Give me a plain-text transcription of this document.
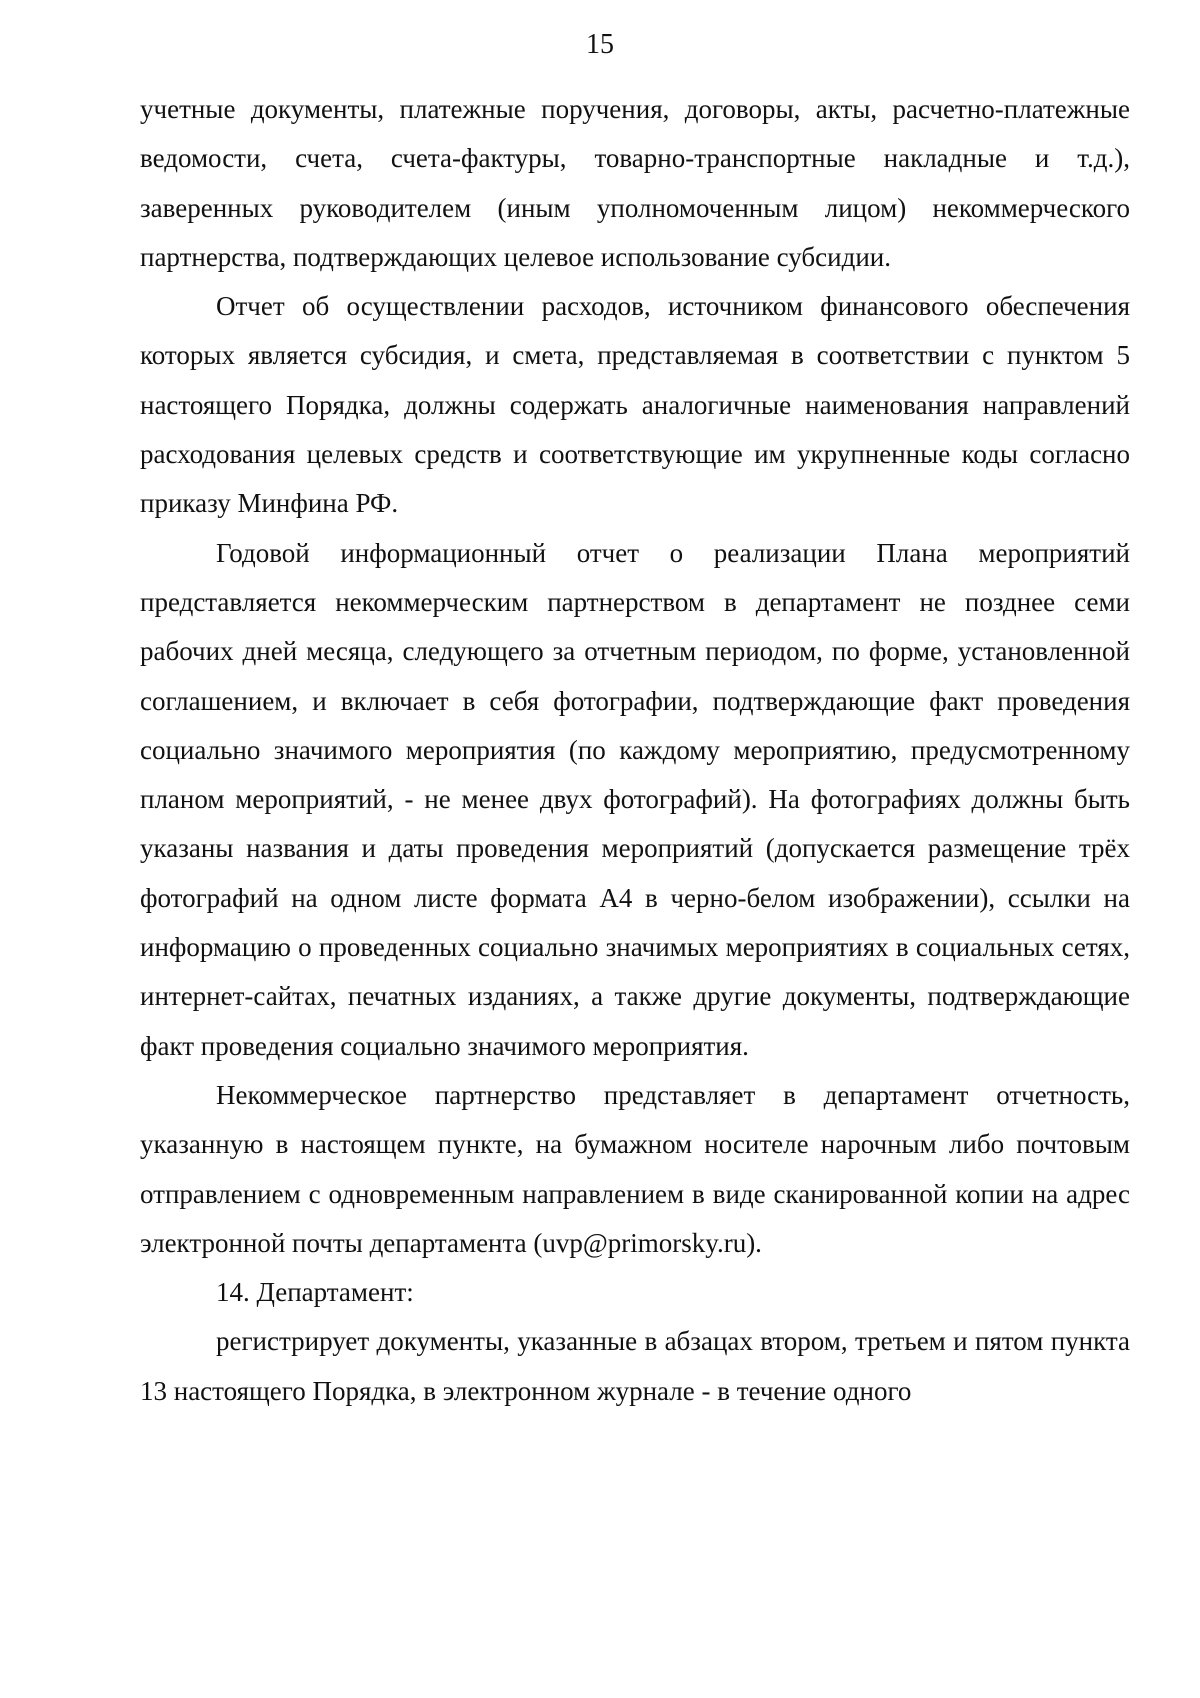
15

учетные документы, платежные поручения, договоры, акты, расчетно-платежные ведомости, счета, счета-фактуры, товарно-транспортные накладные и т.д.), заверенных руководителем (иным уполномоченным лицом) некоммерческого партнерства, подтверждающих целевое использование субсидии.

Отчет об осуществлении расходов, источником финансового обеспечения которых является субсидия, и смета, представляемая в соответствии с пунктом 5 настоящего Порядка, должны содержать аналогичные наименования направлений расходования целевых средств и соответствующие им укрупненные коды согласно приказу Минфина РФ.

Годовой информационный отчет о реализации Плана мероприятий представляется некоммерческим партнерством в департамент не позднее семи рабочих дней месяца, следующего за отчетным периодом, по форме, установленной соглашением, и включает в себя фотографии, подтверждающие факт проведения социально значимого мероприятия (по каждому мероприятию, предусмотренному планом мероприятий, - не менее двух фотографий). На фотографиях должны быть указаны названия и даты проведения мероприятий (допускается размещение трёх фотографий на одном листе формата А4 в черно-белом изображении), ссылки на информацию о проведенных социально значимых мероприятиях в социальных сетях, интернет-сайтах, печатных изданиях, а также другие документы, подтверждающие факт проведения социально значимого мероприятия.

Некоммерческое партнерство представляет в департамент отчетность, указанную в настоящем пункте, на бумажном носителе нарочным либо почтовым отправлением с одновременным направлением в виде сканированной копии на адрес электронной почты департамента (uvp@primorsky.ru).

14. Департамент:

регистрирует документы, указанные в абзацах втором, третьем и пятом пункта 13 настоящего Порядка, в электронном журнале - в течение одного
